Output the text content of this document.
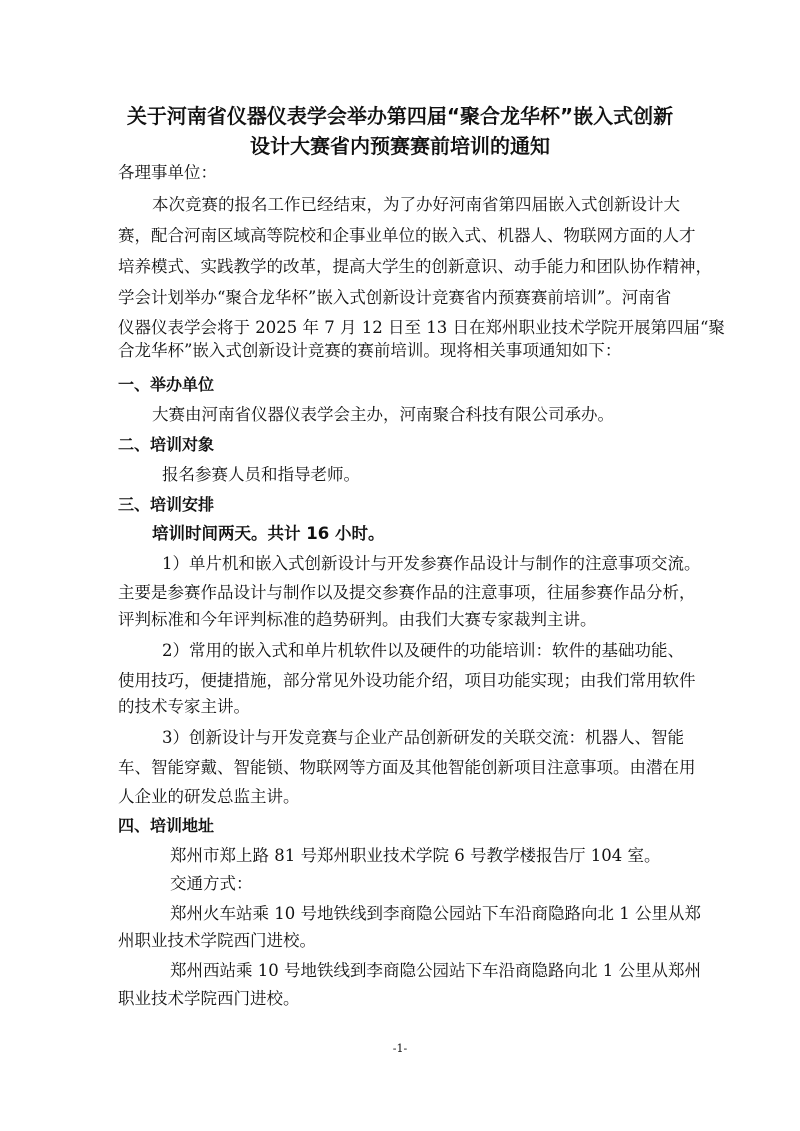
关于河南省仪器仪表学会举办第四届“聚合龙华杯”嵌入式创新
设计大赛省内预赛赛前培训的通知
各理事单位：
本次竞赛的报名工作已经结束，为了办好河南省第四届嵌入式创新设计大
赛，配合河南区域高等院校和企事业单位的嵌入式、机器人、物联网方面的人才
培养模式、实践教学的改革，提高大学生的创新意识、动手能力和团队协作精神，
学会计划举办“聚合龙华杯”嵌入式创新设计竞赛省内预赛赛前培训”。河南省
仪器仪表学会将于 2025 年 7 月 12 日至 13 日在郑州职业技术学院开展第四届“聚
合龙华杯”嵌入式创新设计竞赛的赛前培训。现将相关事项通知如下：
一、举办单位
大赛由河南省仪器仪表学会主办，河南聚合科技有限公司承办。
二、培训对象
报名参赛人员和指导老师。
三、培训安排
培训时间两天。共计 16 小时。
1）单片机和嵌入式创新设计与开发参赛作品设计与制作的注意事项交流。
主要是参赛作品设计与制作以及提交参赛作品的注意事项，往届参赛作品分析，
评判标准和今年评判标准的趋势研判。由我们大赛专家裁判主讲。
2）常用的嵌入式和单片机软件以及硬件的功能培训：软件的基础功能、
使用技巧，便捷措施，部分常见外设功能介绍，项目功能实现；由我们常用软件
的技术专家主讲。
3）创新设计与开发竞赛与企业产品创新研发的关联交流：机器人、智能
车、智能穿戴、智能锁、物联网等方面及其他智能创新项目注意事项。由潜在用
人企业的研发总监主讲。
四、培训地址
郑州市郑上路 81 号郑州职业技术学院 6 号教学楼报告厅 104 室。
交通方式：
郑州火车站乘 10 号地铁线到李商隐公园站下车沿商隐路向北 1 公里从郑
州职业技术学院西门进校。
郑州西站乘 10 号地铁线到李商隐公园站下车沿商隐路向北 1 公里从郑州
职业技术学院西门进校。
-1-
